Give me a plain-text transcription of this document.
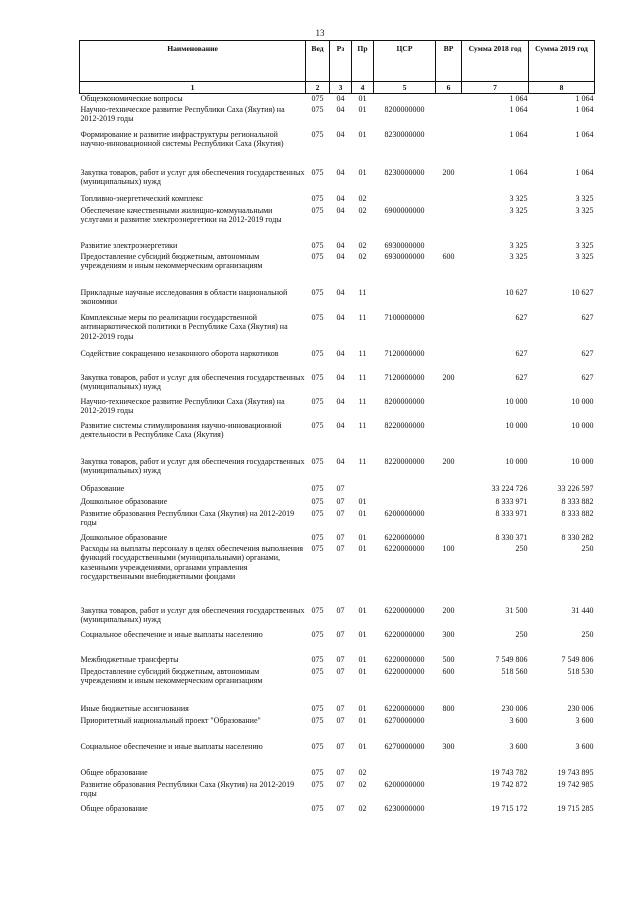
13
Наименование	Вед	Рз	Пр	ЦСР	ВР	Сумма 2018 год	Сумма 2019 год
1	2	3	4	5	6	7	8
Общеэкономические вопросы	075	04	01			1 064	1 064
Научно-техническое развитие Республики Саха (Якутия) на 2012-2019 годы	075	04	01	8200000000		1 064	1 064
Формирование и развитие инфраструктуры региональной научно-инновационной системы Республики Саха (Якутия)	075	04	01	8230000000		1 064	1 064
Закупка товаров, работ и услуг для обеспечения государственных (муниципальных) нужд	075	04	01	8230000000	200	1 064	1 064
Топливно-энергетический комплекс	075	04	02			3 325	3 325
Обеспечение качественными жилищно-коммунальными услугами и развитие электроэнергетики на 2012-2019 годы	075	04	02	6900000000		3 325	3 325
Развитие электроэнергетики	075	04	02	6930000000		3 325	3 325
Предоставление субсидий бюджетным, автономным учреждениям и иным некоммерческим организациям	075	04	02	6930000000	600	3 325	3 325
Прикладные научные исследования в области национальной экономики	075	04	11			10 627	10 627
Комплексные меры по реализации государственной антинаркотической политики в Республике Саха (Якутия) на 2012-2019 годы	075	04	11	7100000000		627	627
Содействие сокращению незаконного оборота наркотиков	075	04	11	7120000000		627	627
Закупка товаров, работ и услуг для обеспечения государственных (муниципальных) нужд	075	04	11	7120000000	200	627	627
Научно-техническое развитие Республики Саха (Якутия) на 2012-2019 годы	075	04	11	8200000000		10 000	10 000
Развитие системы стимулирования научно-инновационной деятельности в Республике Саха (Якутия)	075	04	11	8220000000		10 000	10 000
Закупка товаров, работ и услуг для обеспечения государственных (муниципальных) нужд	075	04	11	8220000000	200	10 000	10 000
Образование	075	07				33 224 726	33 226 597
Дошкольное образование	075	07	01			8 333 971	8 333 882
Развитие образования Республики Саха (Якутия) на 2012-2019 годы	075	07	01	6200000000		8 333 971	8 333 882
Дошкольное образование	075	07	01	6220000000		8 330 371	8 330 282
Расходы на выплаты персоналу в целях обеспечения выполнения функций государственными (муниципальными) органами, казенными учреждениями, органами управления государственными внебюджетными фондами	075	07	01	6220000000	100	250	250
Закупка товаров, работ и услуг для обеспечения государственных (муниципальных) нужд	075	07	01	6220000000	200	31 500	31 440
Социальное обеспечение и иные выплаты населению	075	07	01	6220000000	300	250	250
Межбюджетные трансферты	075	07	01	6220000000	500	7 549 806	7 549 806
Предоставление субсидий бюджетным, автономным учреждениям и иным некоммерческим организациям	075	07	01	6220000000	600	518 560	518 530
Иные бюджетные ассигнования	075	07	01	6220000000	800	230 006	230 006
Приоритетный национальный проект "Образование"	075	07	01	6270000000		3 600	3 600
Социальное обеспечение и иные выплаты населению	075	07	01	6270000000	300	3 600	3 600
Общее образование	075	07	02			19 743 782	19 743 895
Развитие образования Республики Саха (Якутия) на 2012-2019 годы	075	07	02	6200000000		19 742 872	19 742 985
Общее образование	075	07	02	6230000000		19 715 172	19 715 285
